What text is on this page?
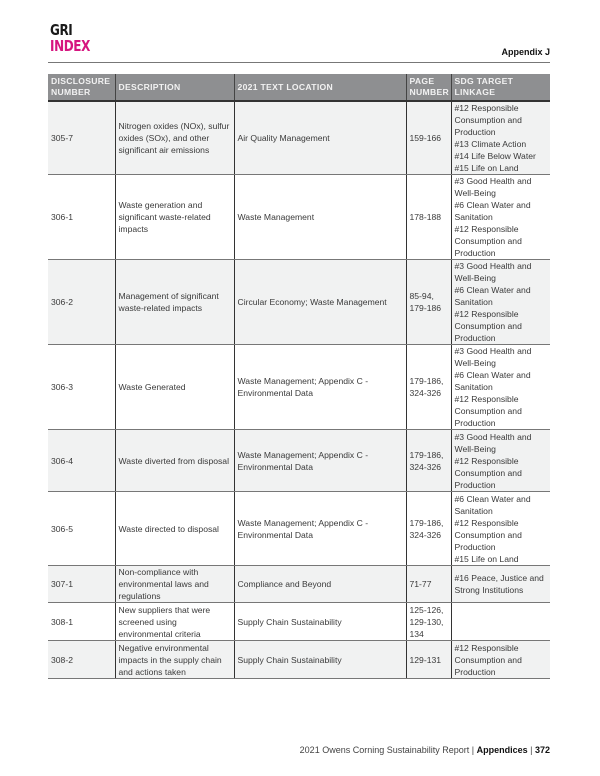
GRI
INDEX	Appendix J
DISCLOSURE NUMBER	DESCRIPTION	2021 TEXT LOCATION	PAGE NUMBER	SDG TARGET LINKAGE
305-7	Nitrogen oxides (NOx), sulfur oxides (SOx), and other significant air emissions	Air Quality Management	159-166	#12 Responsible Consumption and Production
#13 Climate Action
#14 Life Below Water
#15 Life on Land
306-1	Waste generation and significant waste-related impacts	Waste Management	178-188	#3 Good Health and Well-Being
#6 Clean Water and Sanitation
#12 Responsible Consumption and Production
306-2	Management of significant waste-related impacts	Circular Economy; Waste Management	85-94, 179-186	#3 Good Health and Well-Being
#6 Clean Water and Sanitation
#12 Responsible Consumption and Production
306-3	Waste Generated	Waste Management; Appendix C - Environmental Data	179-186, 324-326	#3 Good Health and Well-Being
#6 Clean Water and Sanitation
#12 Responsible Consumption and Production
306-4	Waste diverted from disposal	Waste Management; Appendix C - Environmental Data	179-186, 324-326	#3 Good Health and Well-Being
#12 Responsible Consumption and Production
306-5	Waste directed to disposal	Waste Management; Appendix C - Environmental Data	179-186, 324-326	#6 Clean Water and Sanitation
#12 Responsible Consumption and Production
#15 Life on Land
307-1	Non-compliance with environmental laws and regulations	Compliance and Beyond	71-77	#16 Peace, Justice and Strong Institutions
308-1	New suppliers that were screened using environmental criteria	Supply Chain Sustainability	125-126, 129-130, 134	
308-2	Negative environmental impacts in the supply chain and actions taken	Supply Chain Sustainability	129-131	#12 Responsible Consumption and Production
2021 Owens Corning Sustainability Report | Appendices | 372
